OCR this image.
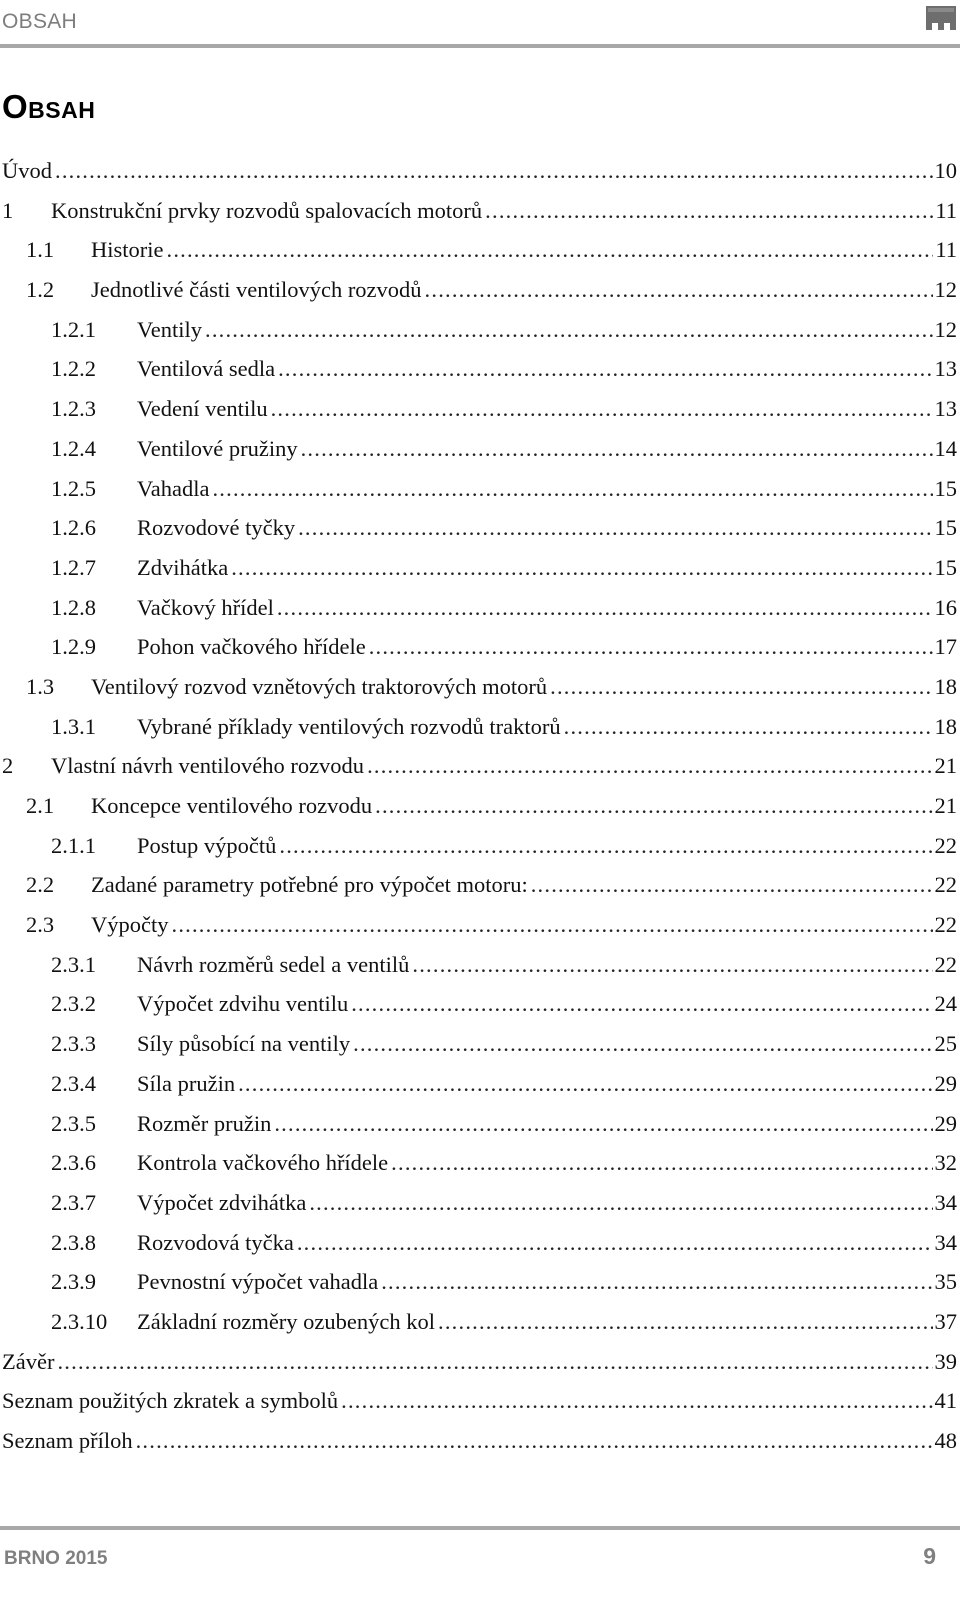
OBSAH
Obsah
Úvod .....	10
1	Konstrukční prvky rozvodů spalovacích motorů .....	11
1.1	Historie .....	11
1.2	Jednotlivé části ventilových rozvodů .....	12
1.2.1	Ventily .....	12
1.2.2	Ventilová sedla .....	13
1.2.3	Vedení ventilu .....	13
1.2.4	Ventilové pružiny .....	14
1.2.5	Vahadla .....	15
1.2.6	Rozvodové tyčky .....	15
1.2.7	Zdvihátka .....	15
1.2.8	Vačkový hřídel .....	16
1.2.9	Pohon vačkového hřídele .....	17
1.3	Ventilový rozvod vznětových traktorových motorů .....	18
1.3.1	Vybrané příklady ventilových rozvodů traktorů .....	18
2	Vlastní návrh ventilového rozvodu .....	21
2.1	Koncepce ventilového rozvodu .....	21
2.1.1	Postup výpočtů .....	22
2.2	Zadané parametry potřebné pro výpočet motoru: .....	22
2.3	Výpočty .....	22
2.3.1	Návrh rozměrů sedel a ventilů .....	22
2.3.2	Výpočet zdvihu ventilu .....	24
2.3.3	Síly působící na ventily .....	25
2.3.4	Síla pružin .....	29
2.3.5	Rozměr pružin .....	29
2.3.6	Kontrola vačkového hřídele .....	32
2.3.7	Výpočet zdvihátka .....	34
2.3.8	Rozvodová tyčka .....	34
2.3.9	Pevnostní výpočet vahadla .....	35
2.3.10	Základní rozměry ozubených kol .....	37
Závěr .....	39
Seznam použitých zkratek a symbolů .....	41
Seznam příloh .....	48
BRNO 2015	9
